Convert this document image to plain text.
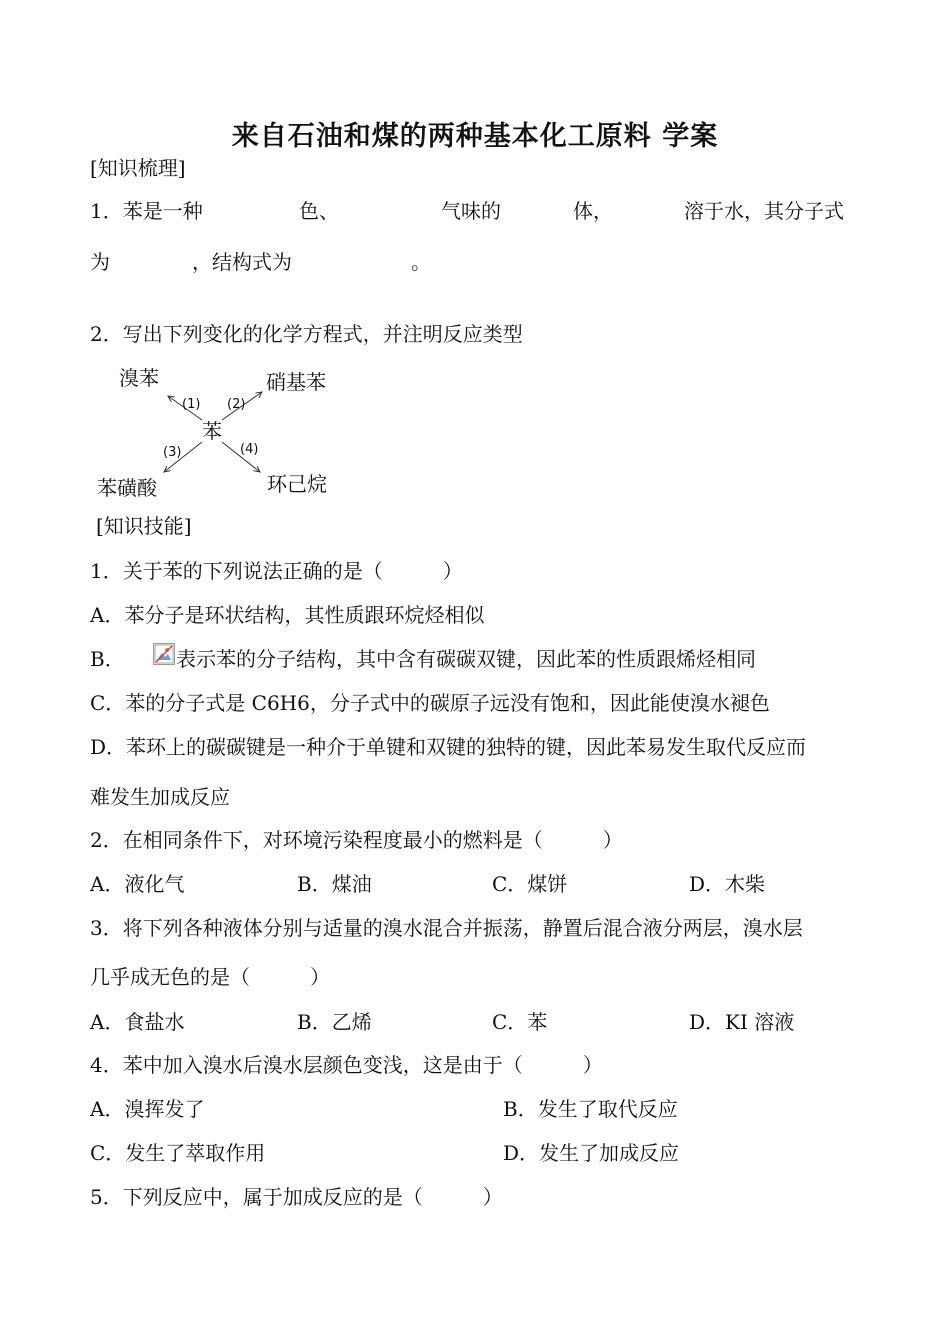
来自石油和煤的两种基本化工原料 学案
[知识梳理]
1．苯是一种	色、	气味的	体，	溶于水，其分子式
为	，结构式为	。
2．写出下列变化的化学方程式，并注明反应类型
苯
溴苯	硝基苯
苯磺酸	环己烷
(1) (2)
(3)	(4)
[知识技能]
1．关于苯的下列说法正确的是（　　　）
A．苯分子是环状结构，其性质跟环烷烃相似
B．	表示苯的分子结构，其中含有碳碳双键，因此苯的性质跟烯烃相同
C．苯的分子式是 C6H6，分子式中的碳原子远没有饱和，因此能使溴水褪色
D．苯环上的碳碳键是一种介于单键和双键的独特的键，因此苯易发生取代反应而
难发生加成反应
2．在相同条件下，对环境污染程度最小的燃料是（　　　）
A．液化气	B．煤油	C．煤饼	D．木柴
3．将下列各种液体分别与适量的溴水混合并振荡，静置后混合液分两层，溴水层
几乎成无色的是（　　　）
A．食盐水	B．乙烯	C．苯	D．KI 溶液
4．苯中加入溴水后溴水层颜色变浅，这是由于（　　　）
A．溴挥发了	B．发生了取代反应
C．发生了萃取作用	D．发生了加成反应
5．下列反应中，属于加成反应的是（　　　）
